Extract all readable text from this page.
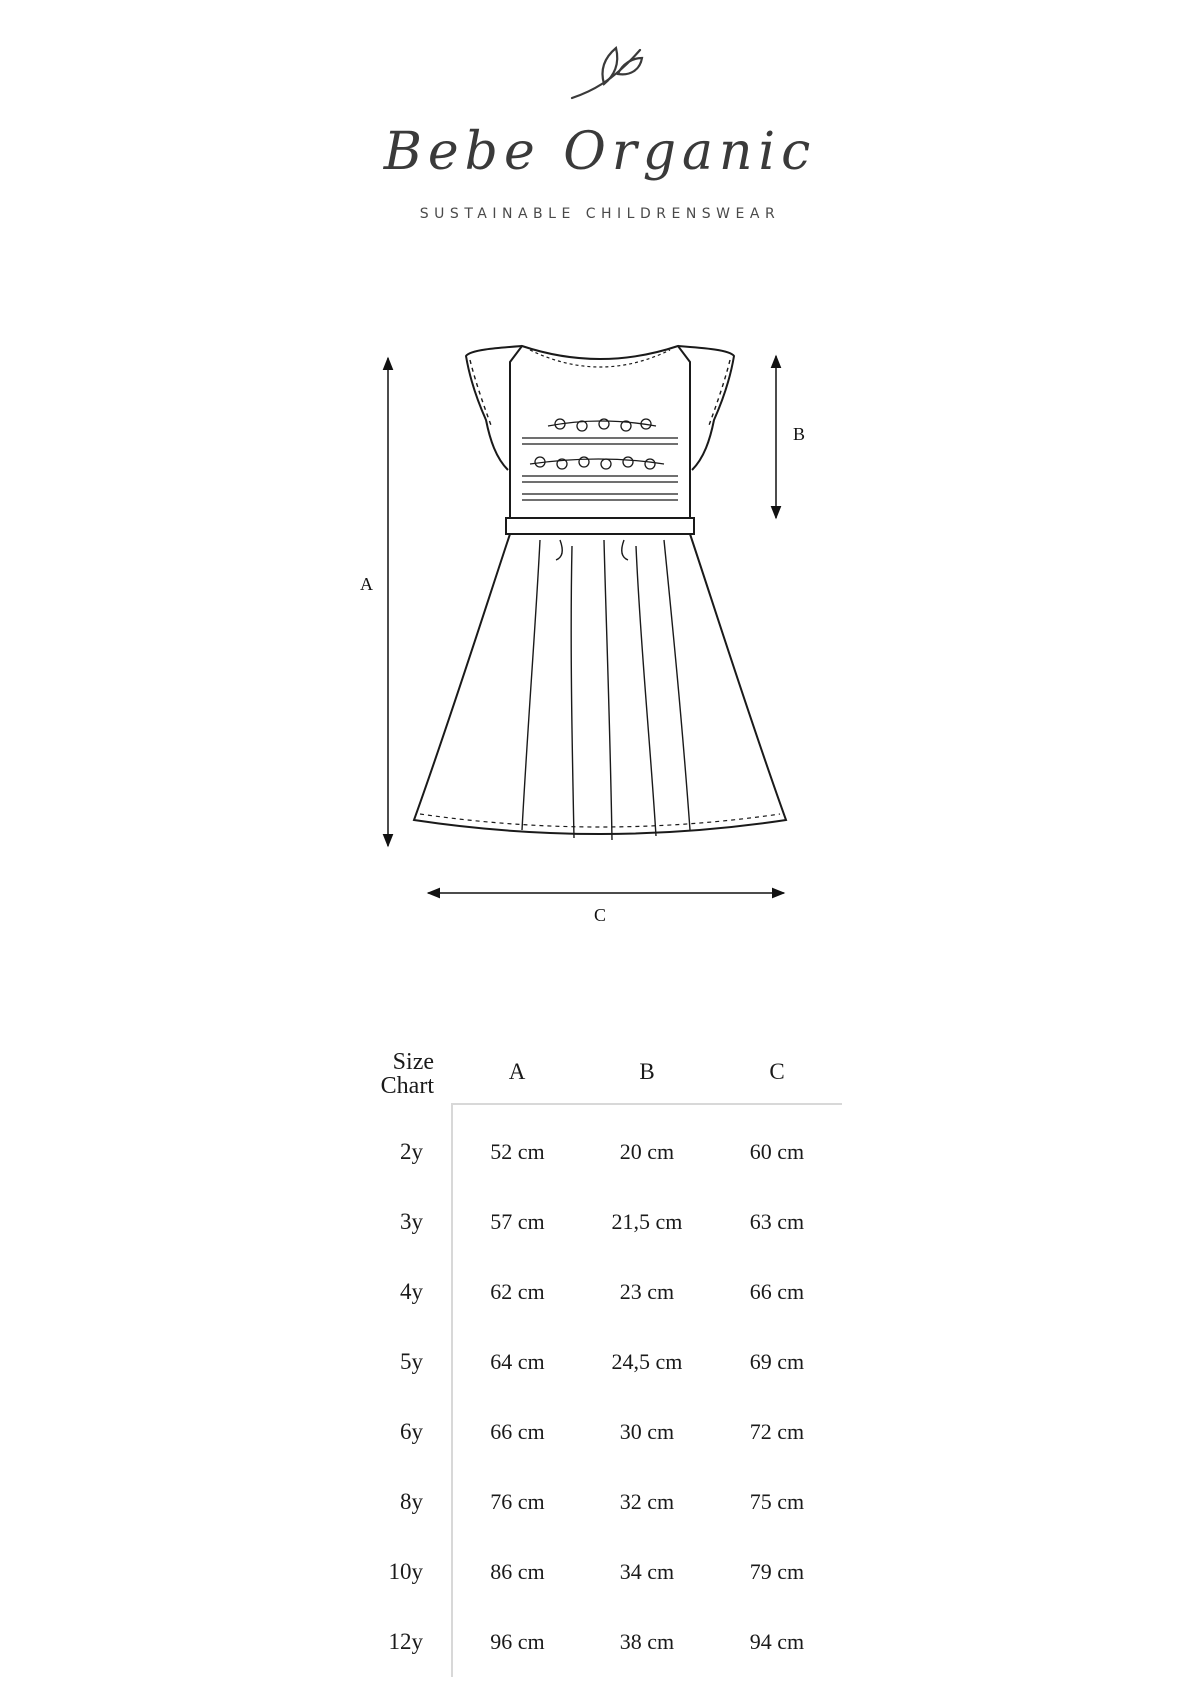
Bebe Organic
SUSTAINABLE CHILDRENSWEAR
A
B
C
Size
Chart	A	B	C

2y	52 cm	20 cm	60 cm
3y	57 cm	21,5 cm	63 cm
4y	62 cm	23 cm	66 cm
5y	64 cm	24,5 cm	69 cm
6y	66 cm	30 cm	72 cm
8y	76 cm	32 cm	75 cm
10y	86 cm	34 cm	79 cm
12y	96 cm	38 cm	94 cm
